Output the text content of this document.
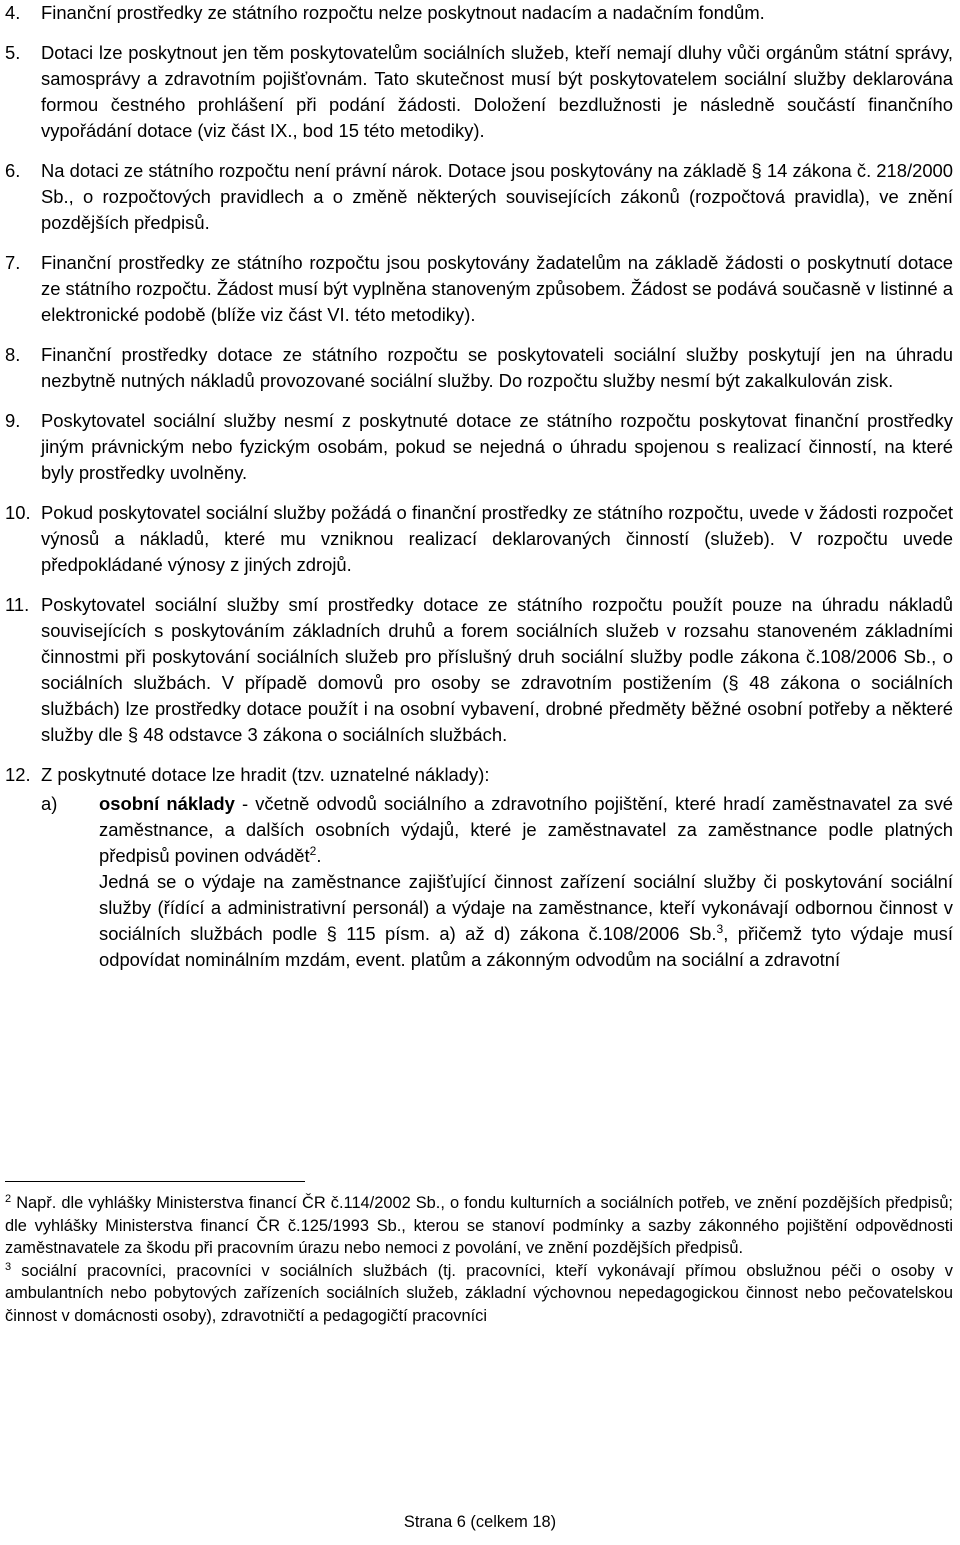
4.	Finanční prostředky ze státního rozpočtu nelze poskytnout nadacím a nadačním fondům.
5.	Dotaci lze poskytnout jen těm poskytovatelům sociálních služeb, kteří nemají dluhy vůči orgánům státní správy, samosprávy a zdravotním pojišťovnám. Tato skutečnost musí být poskytovatelem sociální služby deklarována formou čestného prohlášení při podání žádosti. Doložení bezdlužnosti je následně součástí finančního vypořádání dotace (viz část IX., bod 15 této metodiky).
6.	Na dotaci ze státního rozpočtu není právní nárok. Dotace jsou poskytovány na základě § 14 zákona č. 218/2000 Sb., o rozpočtových pravidlech a o změně některých souvisejících zákonů (rozpočtová pravidla), ve znění pozdějších předpisů.
7.	Finanční prostředky ze státního rozpočtu jsou poskytovány žadatelům na základě žádosti o poskytnutí dotace ze státního rozpočtu. Žádost musí být vyplněna stanoveným způsobem. Žádost se podává současně v listinné a elektronické podobě (blíže viz část VI. této metodiky).
8.	Finanční prostředky dotace ze státního rozpočtu se poskytovateli sociální služby poskytují jen na úhradu nezbytně nutných nákladů provozované sociální služby. Do rozpočtu služby nesmí být zakalkulován zisk.
9.	Poskytovatel sociální služby nesmí z poskytnuté dotace ze státního rozpočtu poskytovat finanční prostředky jiným právnickým nebo fyzickým osobám, pokud se nejedná o úhradu spojenou s realizací činností, na které byly prostředky uvolněny.
10. Pokud poskytovatel sociální služby požádá o finanční prostředky ze státního rozpočtu, uvede v žádosti rozpočet výnosů a nákladů, které mu vzniknou realizací deklarovaných činností (služeb). V rozpočtu uvede předpokládané výnosy z jiných zdrojů.
11. Poskytovatel sociální služby smí prostředky dotace ze státního rozpočtu použít pouze na úhradu nákladů souvisejících s poskytováním základních druhů a forem sociálních služeb v rozsahu stanoveném základními činnostmi při poskytování sociálních služeb pro příslušný druh sociální služby podle zákona č.108/2006 Sb., o sociálních službách. V případě domovů pro osoby se zdravotním postižením (§ 48 zákona o sociálních službách) lze prostředky dotace použít i na osobní vybavení, drobné předměty běžné osobní potřeby a některé služby dle § 48 odstavce 3 zákona o sociálních službách.
12. Z poskytnuté dotace lze hradit (tzv. uznatelné náklady):
a)	osobní náklady - včetně odvodů sociálního a zdravotního pojištění, které hradí zaměstnavatel za své zaměstnance, a dalších osobních výdajů, které je zaměstnavatel za zaměstnance podle platných předpisů povinen odvádět$^2$.
Jedná se o výdaje na zaměstnance zajišťující činnost zařízení sociální služby či poskytování sociální služby (řídící a administrativní personál) a výdaje na zaměstnance, kteří vykonávají odbornou činnost v sociálních službách podle § 115 písm. a) až d) zákona č.108/2006 Sb.$^3$, přičemž tyto výdaje musí odpovídat nominálním mzdám, event. platům a zákonným odvodům na sociální a zdravotní

$^2$ Např. dle vyhlášky Ministerstva financí ČR č.114/2002 Sb., o fondu kulturních a sociálních potřeb, ve znění pozdějších předpisů; dle vyhlášky Ministerstva financí ČR č.125/1993 Sb., kterou se stanoví podmínky a sazby zákonného pojištění odpovědnosti zaměstnavatele za škodu při pracovním úrazu nebo nemoci z povolání, ve znění pozdějších předpisů.

$^3$ sociální pracovníci, pracovníci v sociálních službách (tj. pracovníci, kteří vykonávají přímou obslužnou péči o osoby v ambulantních nebo pobytových zařízeních sociálních služeb, základní výchovnou nepedagogickou činnost nebo pečovatelskou činnost v domácnosti osoby), zdravotničtí a pedagogičtí pracovníci

Strana 6 (celkem 18)
